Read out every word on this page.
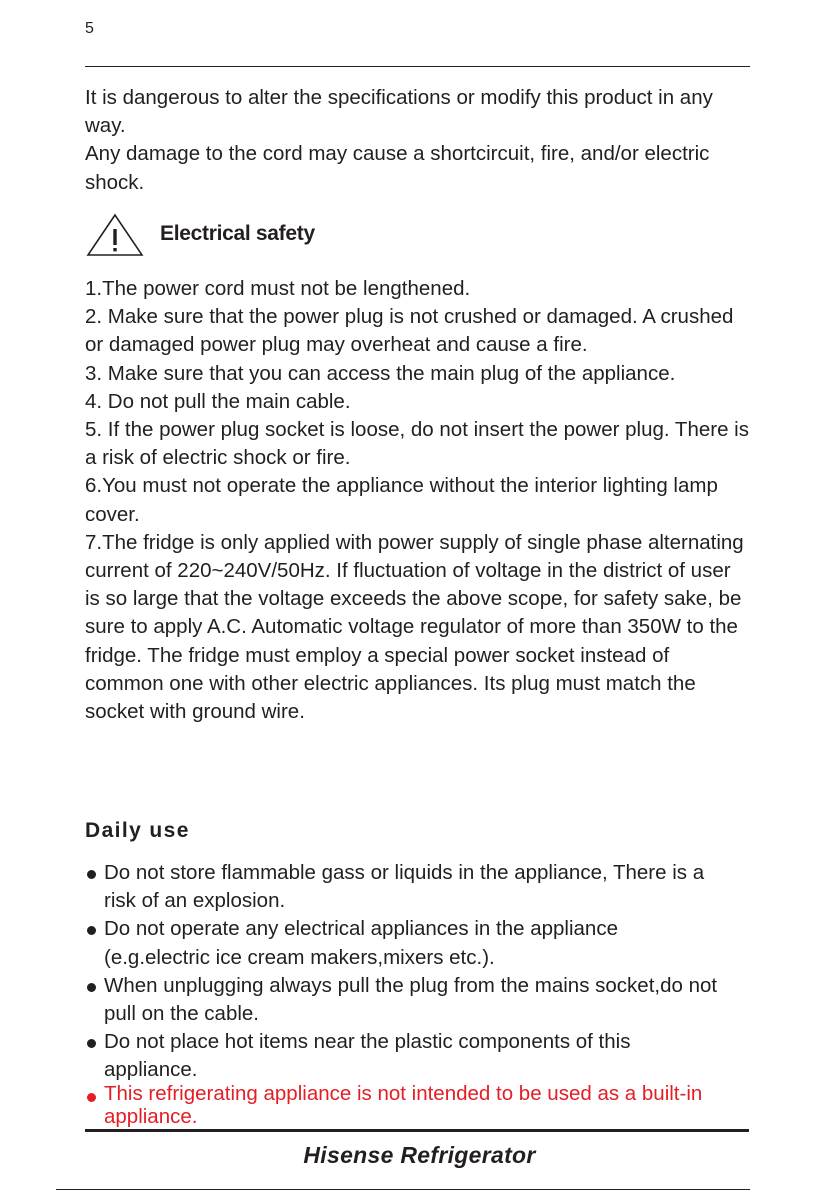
5

It is dangerous to alter the specifications or modify this product in any way.

Any damage to the cord may cause a shortcircuit, fire, and/or electric shock.

Electrical safety

1.The power cord must not be lengthened.

2. Make sure that the power plug is not crushed or damaged. A crushed or damaged power plug may overheat and cause a fire.

3. Make sure that you can access the main plug of the appliance.

4. Do not pull the main cable.

5. If the power plug socket is loose, do not insert the power plug. There is a risk of electric shock or fire.

6.You must not operate the appliance without the interior lighting lamp cover.

7.The fridge is only applied with power supply of single phase alternating current of 220~240V/50Hz. If fluctuation of voltage in the district of user is so large that the voltage exceeds the above scope, for safety sake, be sure to apply A.C. Automatic voltage regulator of more than 350W to the fridge. The fridge must employ a special power socket instead of common one with other electric appliances. Its plug must match the socket with ground wire.

Daily use
Do not store flammable gass or liquids in the appliance, There is a risk of an explosion.
Do not operate any electrical appliances in the appliance (e.g.electric ice cream makers,mixers etc.).
When unplugging always pull the plug from the mains socket,do not pull on the cable.
Do not place hot items near the plastic components of this appliance.
This refrigerating appliance is not intended to be used as a built-in appliance.
Hisense Refrigerator
